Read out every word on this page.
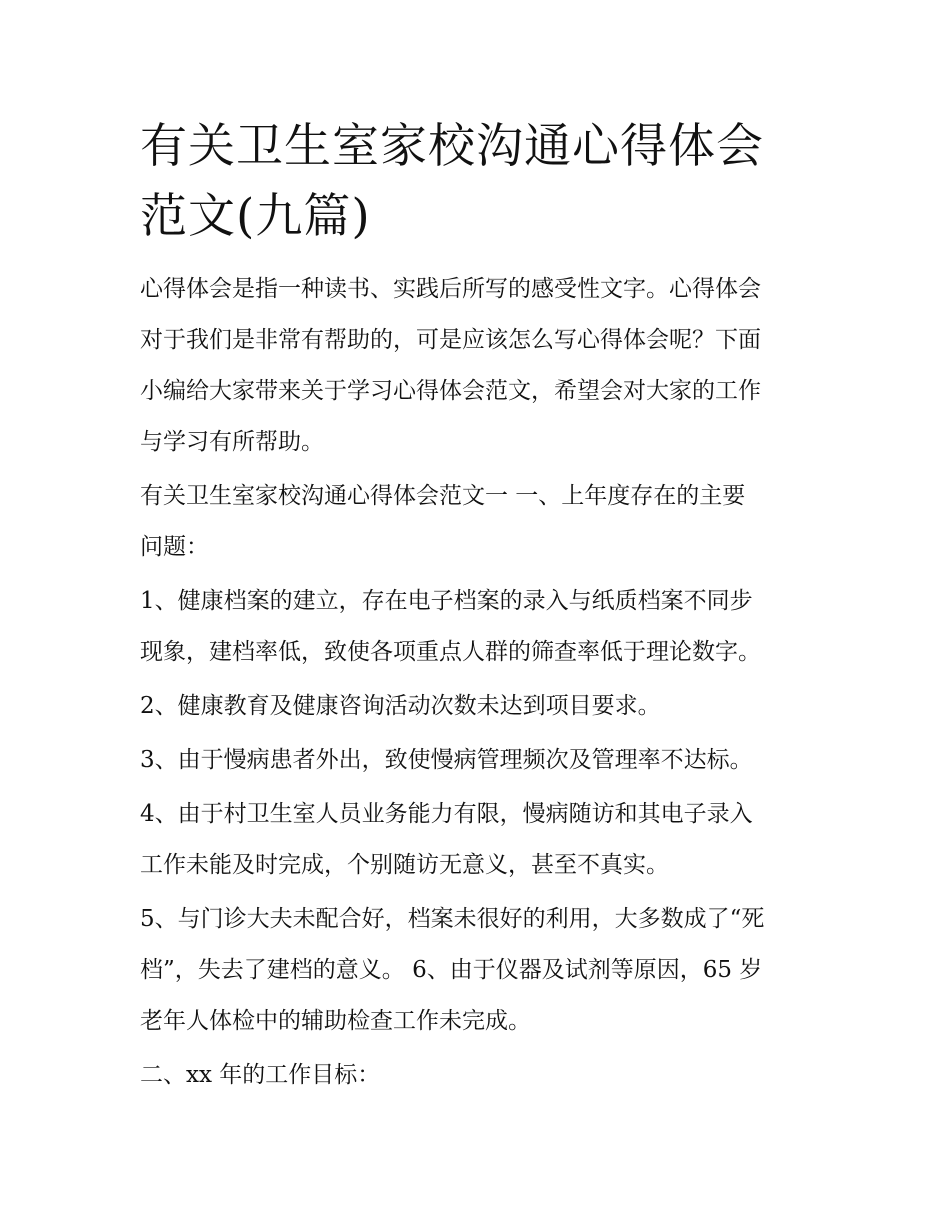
有关卫生室家校沟通心得体会
范文(九篇)

心得体会是指一种读书、实践后所写的感受性文字。心得体会
对于我们是非常有帮助的，可是应该怎么写心得体会呢？下面
小编给大家带来关于学习心得体会范文，希望会对大家的工作
与学习有所帮助。

有关卫生室家校沟通心得体会范文一 一、上年度存在的主要
问题：

1、健康档案的建立，存在电子档案的录入与纸质档案不同步
现象，建档率低，致使各项重点人群的筛查率低于理论数字。

2、健康教育及健康咨询活动次数未达到项目要求。

3、由于慢病患者外出，致使慢病管理频次及管理率不达标。

4、由于村卫生室人员业务能力有限，慢病随访和其电子录入
工作未能及时完成，个别随访无意义，甚至不真实。

5、与门诊大夫未配合好，档案未很好的利用，大多数成了“死
档”，失去了建档的意义。 6、由于仪器及试剂等原因，65 岁
老年人体检中的辅助检查工作未完成。

二、xx 年的工作目标：
